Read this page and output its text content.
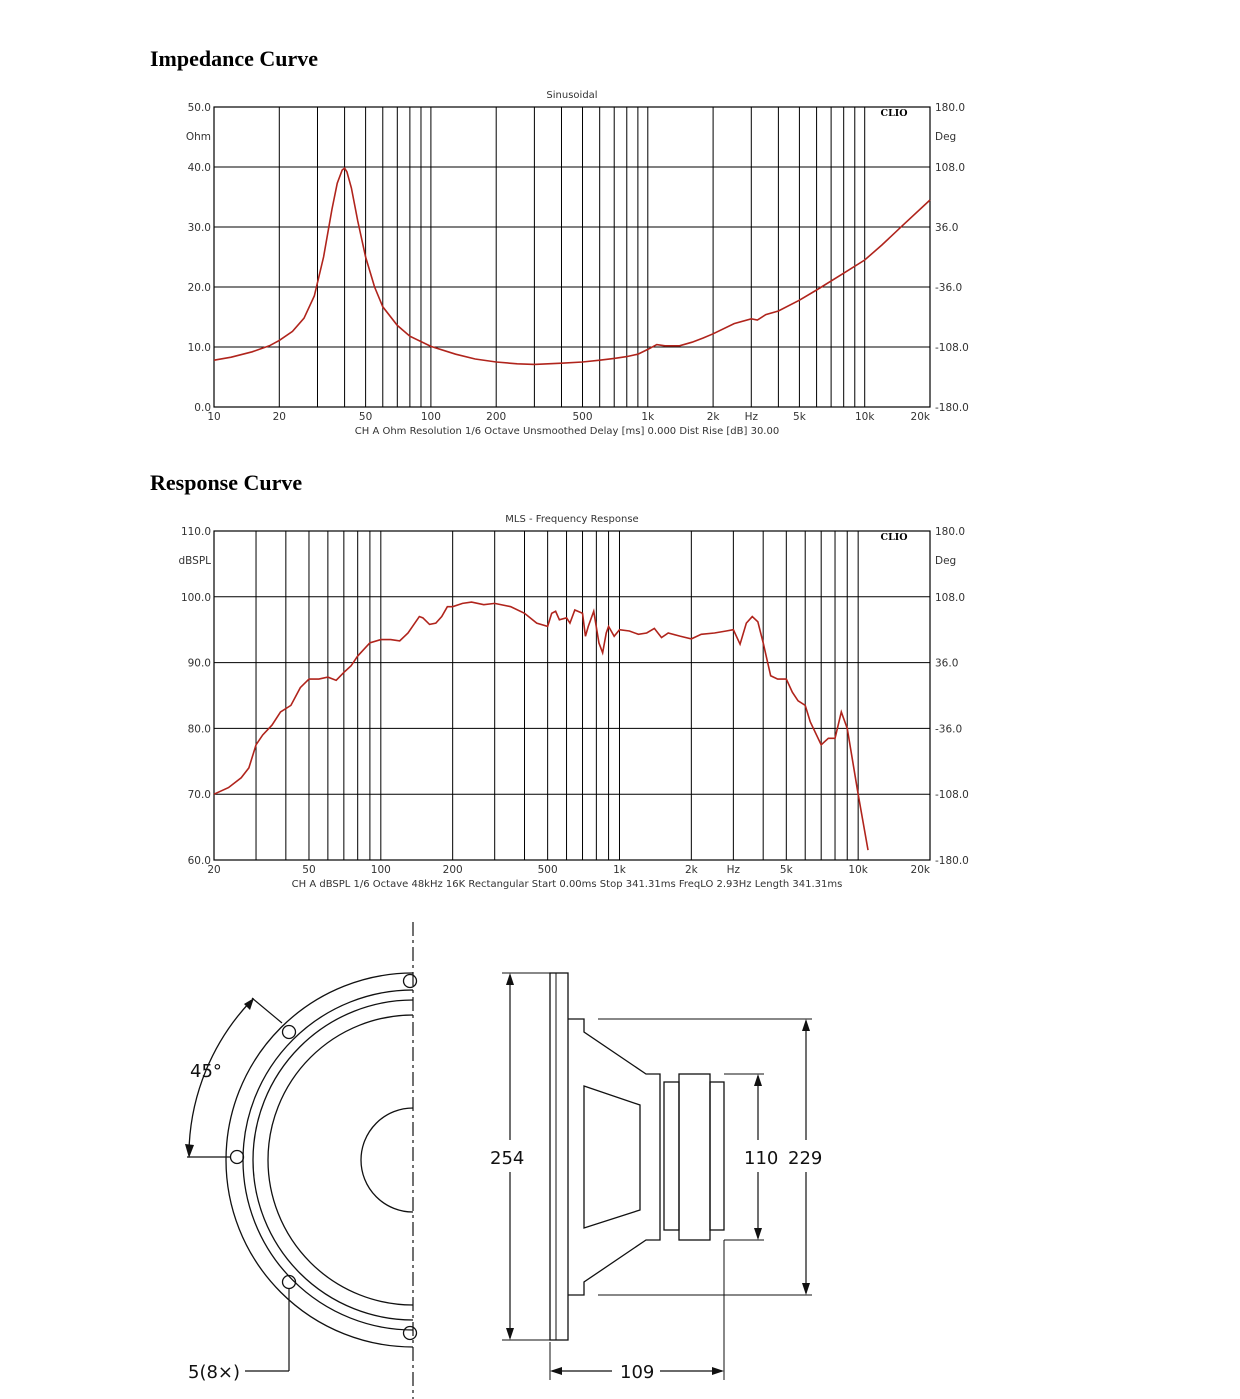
Impedance Curve
Response Curve
Sinusoidal
CLIO
Ohm	Deg
0.0	-180.0
10.0	-108.0
20.0	-36.0
30.0	36.0
40.0	108.0
50.0	180.0
10	20	50	100	200	500	1k	2k	5k	10k	20k
Hz
CH A Ohm Resolution 1/6 Octave Unsmoothed Delay [ms] 0.000 Dist Rise [dB] 30.00
MLS - Frequency Response
CLIO
dBSPL	Deg
60.0	-180.0
70.0	-108.0
80.0	-36.0
90.0	36.0
100.0	108.0
110.0	180.0
20	50	100	200	500	1k	2k	5k	10k	20k
Hz
CH A dBSPL 1/6 Octave 48kHz 16K Rectangular Start 0.00ms Stop 341.31ms FreqLO 2.93Hz Length 341.31ms
45°
5(8×)
254	110 229
109
